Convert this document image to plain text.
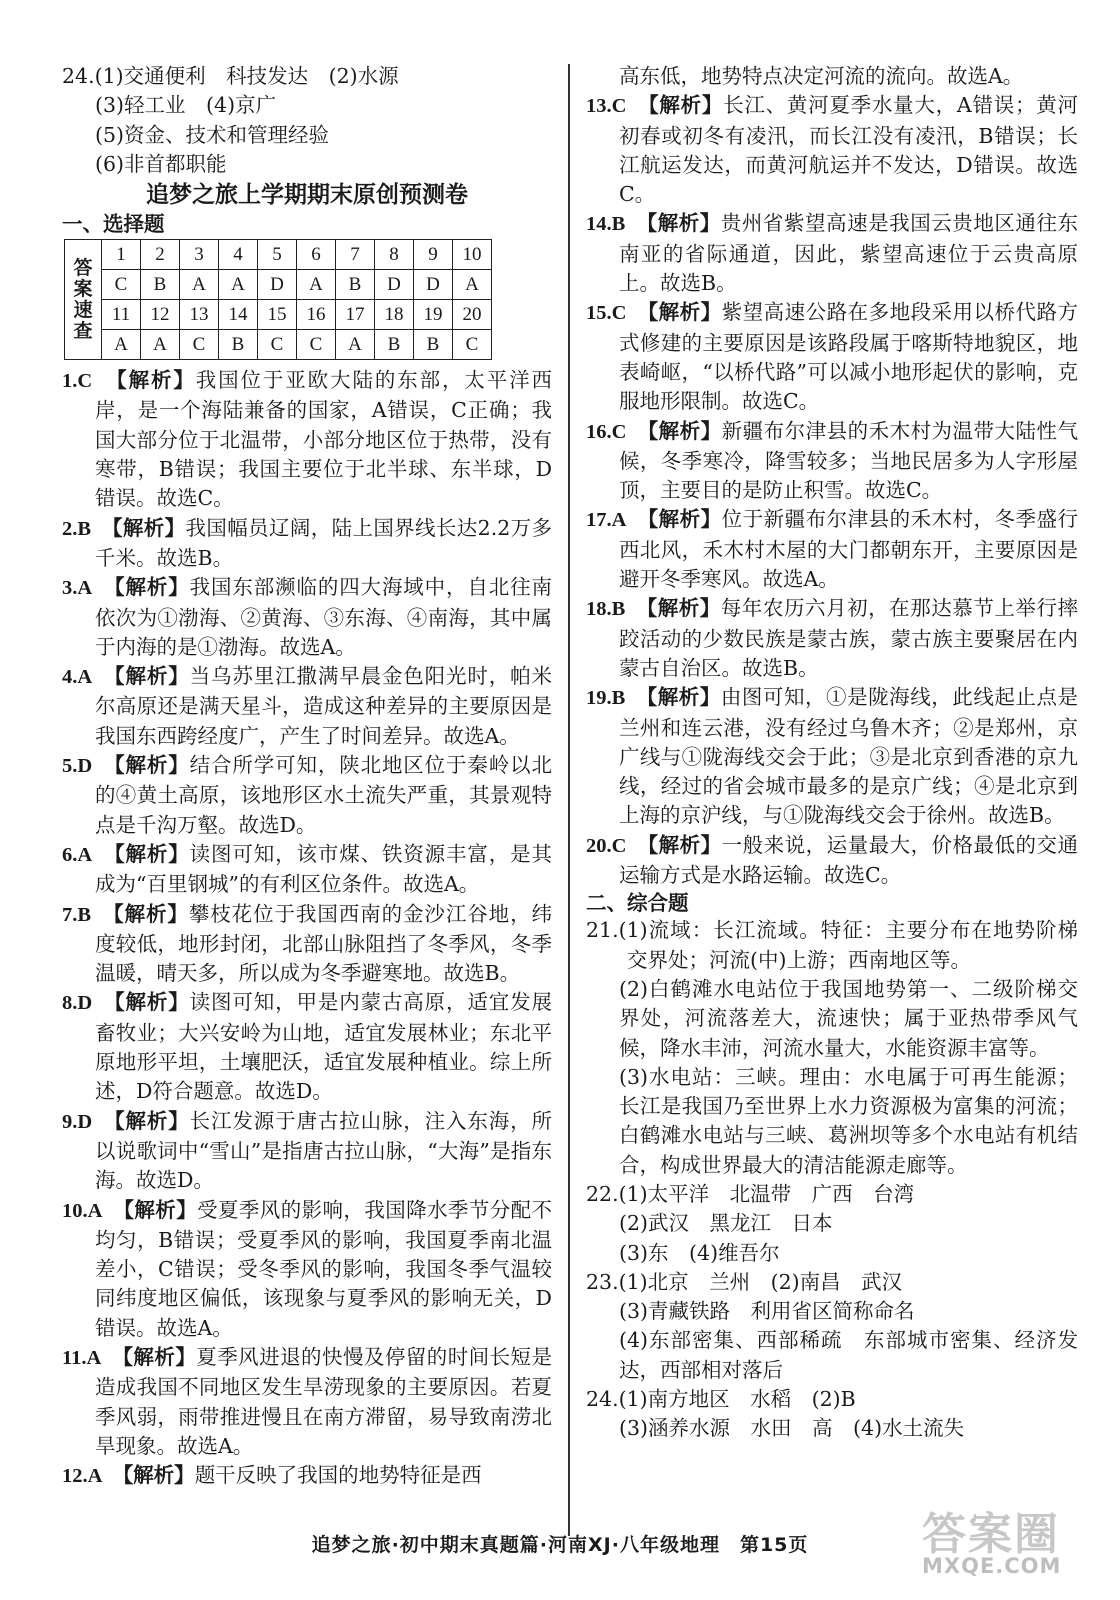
24.(1)交通便利　科技发达　(2)水源

(3)轻工业　(4)京广

(5)资金、技术和管理经验

(6)非首都职能

追梦之旅上学期期末原创预测卷

一、选择题

答
案
速
查	1	2	3	4	5	6	7	8	9	10
	C	B	A	A	D	A	B	D	D	A
	11	12	13	14	15	16	17	18	19	20
	A	A	C	B	C	C	A	B	B	C

1.C　 【解析】我国位于亚欧大陆的东部，太平洋西岸，是一个海陆兼备的国家，A错误，C正确；我国大部分位于北温带，小部分地区位于热带，没有寒带，B错误；我国主要位于北半球、东半球，D错误。故选C。

2.B　 【解析】我国幅员辽阔，陆上国界线长达2.2万多千米。故选B。

3.A　 【解析】我国东部濒临的四大海域中，自北往南依次为①渤海、②黄海、③东海、④南海，其中属于内海的是①渤海。故选A。

4.A　 【解析】当乌苏里江撒满早晨金色阳光时，帕米尔高原还是满天星斗，造成这种差异的主要原因是我国东西跨经度广，产生了时间差异。故选A。

5.D　 【解析】结合所学可知，陕北地区位于秦岭以北的④黄土高原，该地形区水土流失严重，其景观特点是千沟万壑。故选D。

6.A　 【解析】读图可知，该市煤、铁资源丰富，是其成为“百里钢城”的有利区位条件。故选A。

7.B　 【解析】攀枝花位于我国西南的金沙江谷地，纬度较低，地形封闭，北部山脉阻挡了冬季风，冬季温暖，晴天多，所以成为冬季避寒地。故选B。

8.D　 【解析】读图可知，甲是内蒙古高原，适宜发展畜牧业；大兴安岭为山地，适宜发展林业；东北平原地形平坦，土壤肥沃，适宜发展种植业。综上所述，D符合题意。故选D。

9.D　 【解析】长江发源于唐古拉山脉，注入东海，所以说歌词中“雪山”是指唐古拉山脉，“大海”是指东海。故选D。

10.A　 【解析】受夏季风的影响，我国降水季节分配不均匀，B错误；受夏季风的影响，我国夏季南北温差小，C错误；受冬季风的影响，我国冬季气温较同纬度地区偏低，该现象与夏季风的影响无关，D错误。故选A。

11.A　 【解析】夏季风进退的快慢及停留的时间长短是造成我国不同地区发生旱涝现象的主要原因。若夏季风弱，雨带推进慢且在南方滞留，易导致南涝北旱现象。故选A。

12.A　 【解析】题干反映了我国的地势特征是西

高东低，地势特点决定河流的流向。故选A。

13.C　 【解析】长江、黄河夏季水量大，A错误；黄河初春或初冬有凌汛，而长江没有凌汛，B错误；长江航运发达，而黄河航运并不发达，D错误。故选C。

14.B　 【解析】贵州省紫望高速是我国云贵地区通往东南亚的省际通道，因此，紫望高速位于云贵高原上。故选B。

15.C　 【解析】紫望高速公路在多地段采用以桥代路方式修建的主要原因是该路段属于喀斯特地貌区，地表崎岖，“以桥代路”可以减小地形起伏的影响，克服地形限制。故选C。

16.C　 【解析】新疆布尔津县的禾木村为温带大陆性气候，冬季寒冷，降雪较多；当地民居多为人字形屋顶，主要目的是防止积雪。故选C。

17.A　 【解析】位于新疆布尔津县的禾木村，冬季盛行西北风，禾木村木屋的大门都朝东开，主要原因是避开冬季寒风。故选A。

18.B　 【解析】每年农历六月初，在那达慕节上举行摔跤活动的少数民族是蒙古族，蒙古族主要聚居在内蒙古自治区。故选B。

19.B　 【解析】由图可知，①是陇海线，此线起止点是兰州和连云港，没有经过乌鲁木齐；②是郑州，京广线与①陇海线交会于此；③是北京到香港的京九线，经过的省会城市最多的是京广线；④是北京到上海的京沪线，与①陇海线交会于徐州。故选B。

20.C　 【解析】一般来说，运量最大，价格最低的交通运输方式是水路运输。故选C。

二、综合题

21.(1)流域：长江流域。特征：主要分布在地势阶梯交界处；河流(中)上游；西南地区等。

(2)白鹤滩水电站位于我国地势第一、二级阶梯交界处，河流落差大，流速快；属于亚热带季风气候，降水丰沛，河流水量大，水能资源丰富等。

(3)水电站：三峡。理由：水电属于可再生能源；长江是我国乃至世界上水力资源极为富集的河流；白鹤滩水电站与三峡、葛洲坝等多个水电站有机结合，构成世界最大的清洁能源走廊等。

22.(1)太平洋　北温带　广西　台湾

(2)武汉　黑龙江　日本

(3)东　(4)维吾尔

23.(1)北京　兰州　(2)南昌　武汉

(3)青藏铁路　利用省区简称命名

(4)东部密集、西部稀疏　东部城市密集、经济发达，西部相对落后

24.(1)南方地区　水稻　(2)B

(3)涵养水源　水田　高　(4)水土流失

追梦之旅·初中期末真题篇·河南XJ·八年级地理　第15页	答案圈
MXQE.COM
